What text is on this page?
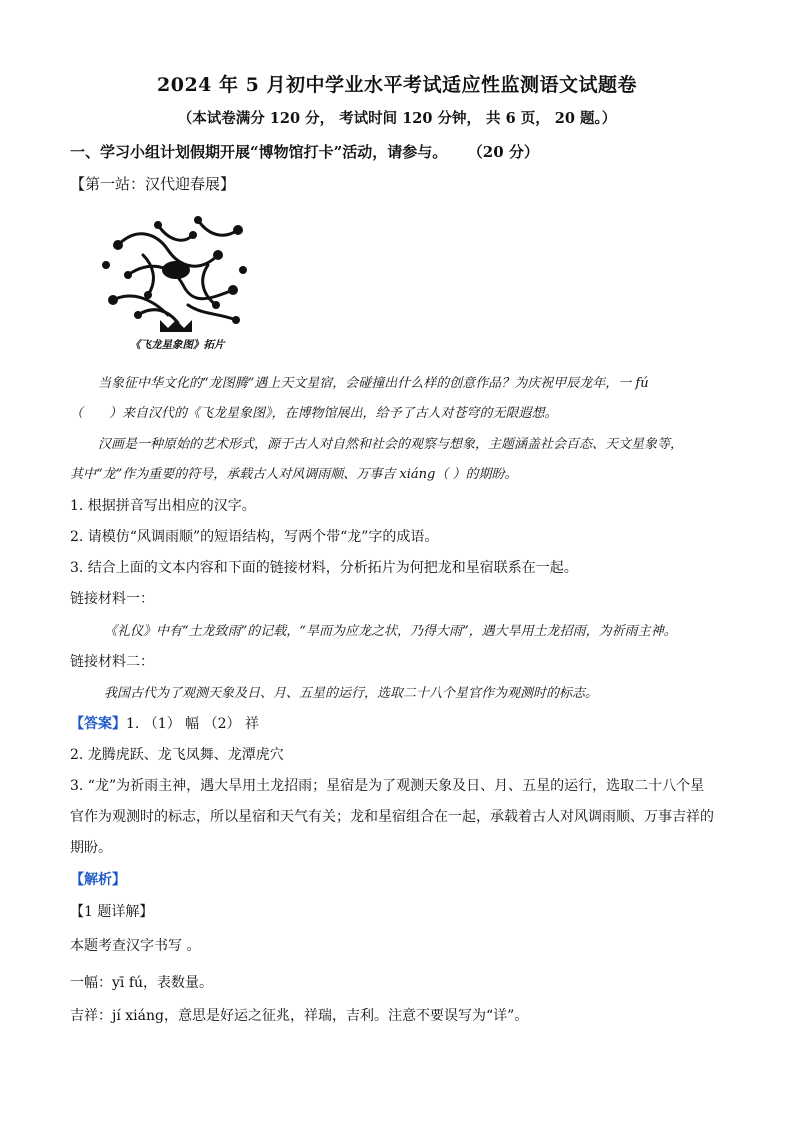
2024 年 5 月初中学业水平考试适应性监测语文试题卷
（本试卷满分 120 分， 考试时间 120 分钟， 共 6 页， 20 题。）
一、学习小组计划假期开展“博物馆打卡”活动，请参与。 （20 分）
【第一站：汉代迎春展】
《飞龙星象图》拓片
当象征中华文化的“龙图腾”遇上天文星宿，会碰撞出什么样的创意作品？为庆祝甲辰龙年，一 fú
（ ）来自汉代的《飞龙星象图》，在博物馆展出，给予了古人对苍穹的无限遐想。
汉画是一种原始的艺术形式，源于古人对自然和社会的观察与想象，主题涵盖社会百态、天文星象等，
其中“龙”作为重要的符号，承载古人对风调雨顺、万事吉 xiáng（ ）的期盼。
1. 根据拼音写出相应的汉字。
2. 请模仿“风调雨顺”的短语结构，写两个带“龙”字的成语。
3. 结合上面的文本内容和下面的链接材料，分析拓片为何把龙和星宿联系在一起。
链接材料一：
《礼仪》中有“土龙致雨”的记载，“旱而为应龙之状，乃得大雨”，遇大旱用土龙招雨，为祈雨主神。
链接材料二：
我国古代为了观测天象及日、月、五星的运行，选取二十八个星官作为观测时的标志。
【答案】1. （1） 幅 （2） 祥
2. 龙腾虎跃、龙飞凤舞、龙潭虎穴
3. “龙”为祈雨主神，遇大旱用土龙招雨；星宿是为了观测天象及日、月、五星的运行，选取二十八个星
官作为观测时的标志，所以星宿和天气有关；龙和星宿组合在一起，承载着古人对风调雨顺、万事吉祥的
期盼。
【解析】
【1 题详解】
本题考查汉字书写 。
一幅：yī fú，表数量。
吉祥：jí xiáng，意思是好运之征兆，祥瑞，吉利。注意不要误写为“详”。
